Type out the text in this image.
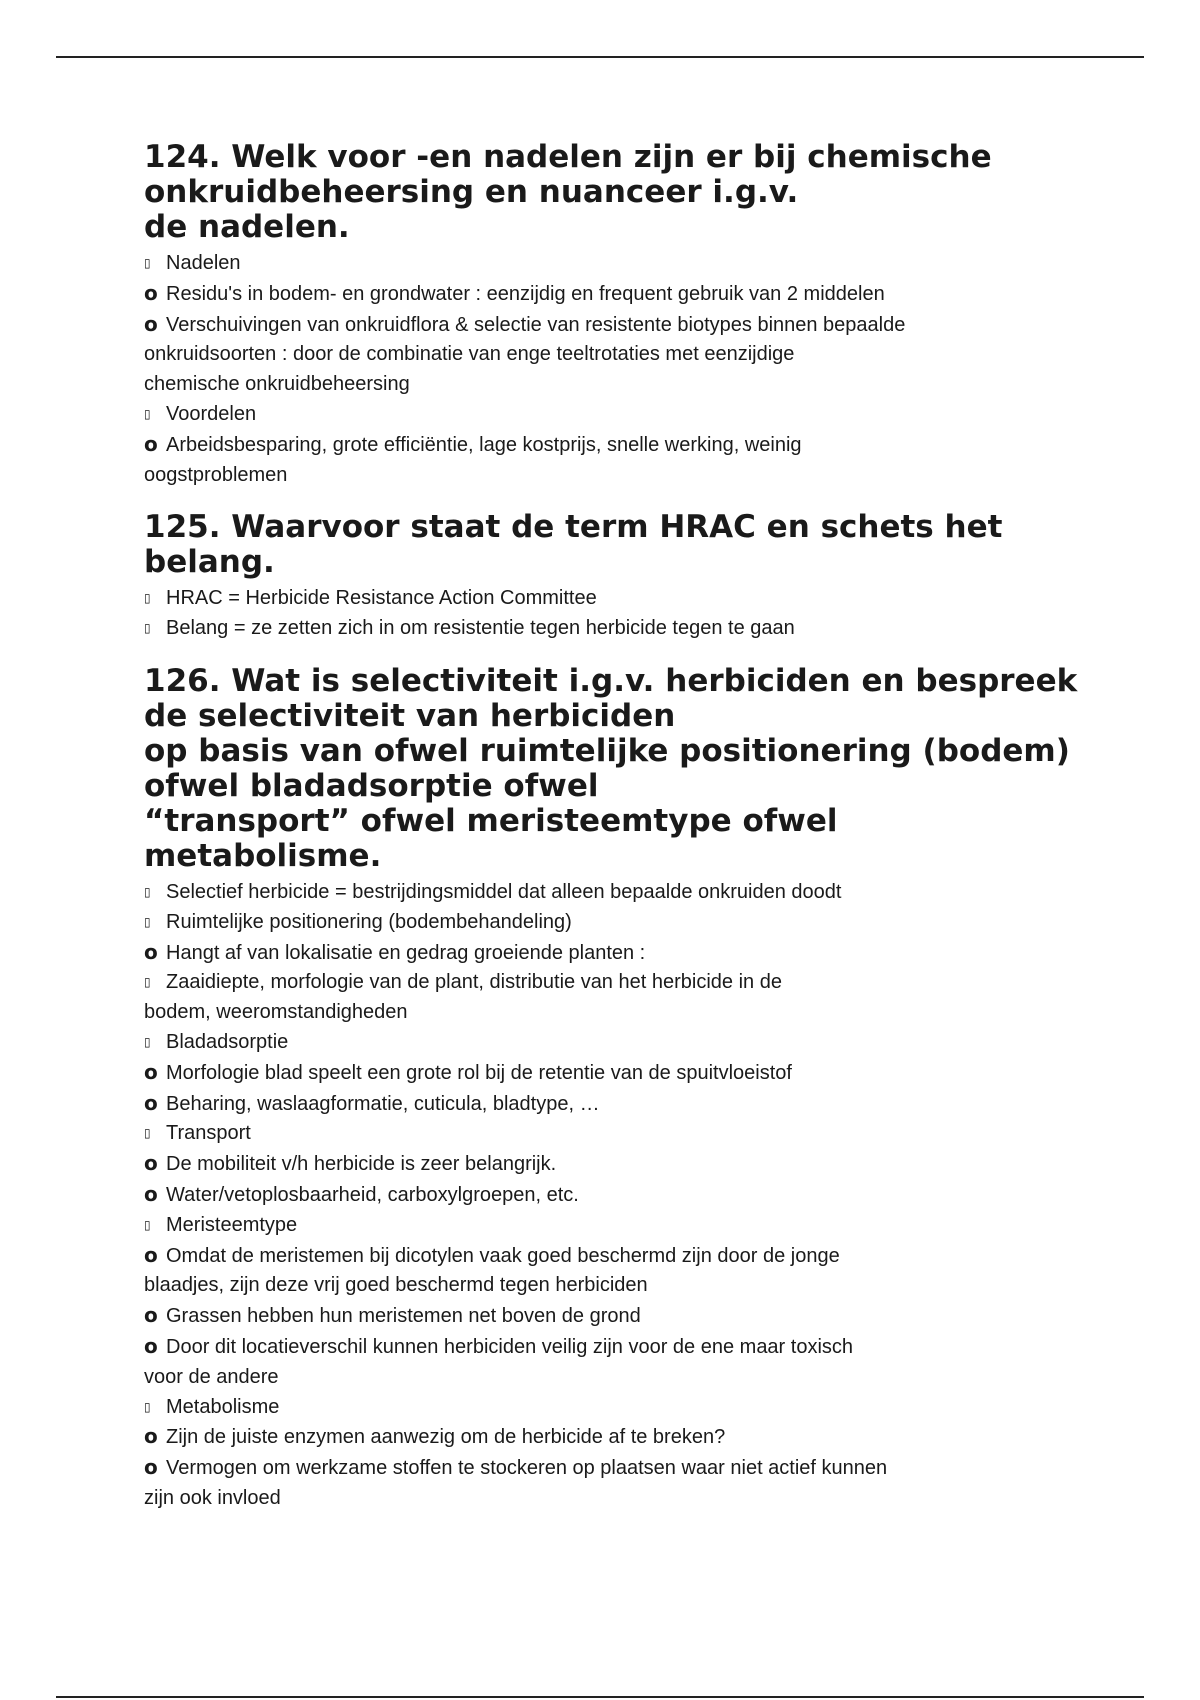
124. Welk voor -en nadelen zijn er bij chemische
onkruidbeheersing en nuanceer i.g.v.
de nadelen.
▯ Nadelen
o Residu's in bodem- en grondwater : eenzijdig en frequent gebruik van 2 middelen
o Verschuivingen van onkruidflora & selectie van resistente biotypes binnen bepaalde
onkruidsoorten : door de combinatie van enge teeltrotaties met eenzijdige
chemische onkruidbeheersing
▯ Voordelen
o Arbeidsbesparing, grote efficiëntie, lage kostprijs, snelle werking, weinig
oogstproblemen
125. Waarvoor staat de term HRAC en schets het
belang.
▯ HRAC = Herbicide Resistance Action Committee
▯ Belang = ze zetten zich in om resistentie tegen herbicide tegen te gaan
126. Wat is selectiviteit i.g.v. herbiciden en bespreek
de selectiviteit van herbiciden
op basis van ofwel ruimtelijke positionering (bodem)
ofwel bladadsorptie ofwel
“transport” ofwel meristeemtype ofwel
metabolisme.
▯ Selectief herbicide = bestrijdingsmiddel dat alleen bepaalde onkruiden doodt
▯ Ruimtelijke positionering (bodembehandeling)
o Hangt af van lokalisatie en gedrag groeiende planten :
▯ Zaaidiepte, morfologie van de plant, distributie van het herbicide in de
bodem, weeromstandigheden
▯ Bladadsorptie
o Morfologie blad speelt een grote rol bij de retentie van de spuitvloeistof
o Beharing, waslaagformatie, cuticula, bladtype, …
▯ Transport
o De mobiliteit v/h herbicide is zeer belangrijk.
o Water/vetoplosbaarheid, carboxylgroepen, etc.
▯ Meristeemtype
o Omdat de meristemen bij dicotylen vaak goed beschermd zijn door de jonge
blaadjes, zijn deze vrij goed beschermd tegen herbiciden
o Grassen hebben hun meristemen net boven de grond
o Door dit locatieverschil kunnen herbiciden veilig zijn voor de ene maar toxisch
voor de andere
▯ Metabolisme
o Zijn de juiste enzymen aanwezig om de herbicide af te breken?
o Vermogen om werkzame stoffen te stockeren op plaatsen waar niet actief kunnen
zijn ook invloed
